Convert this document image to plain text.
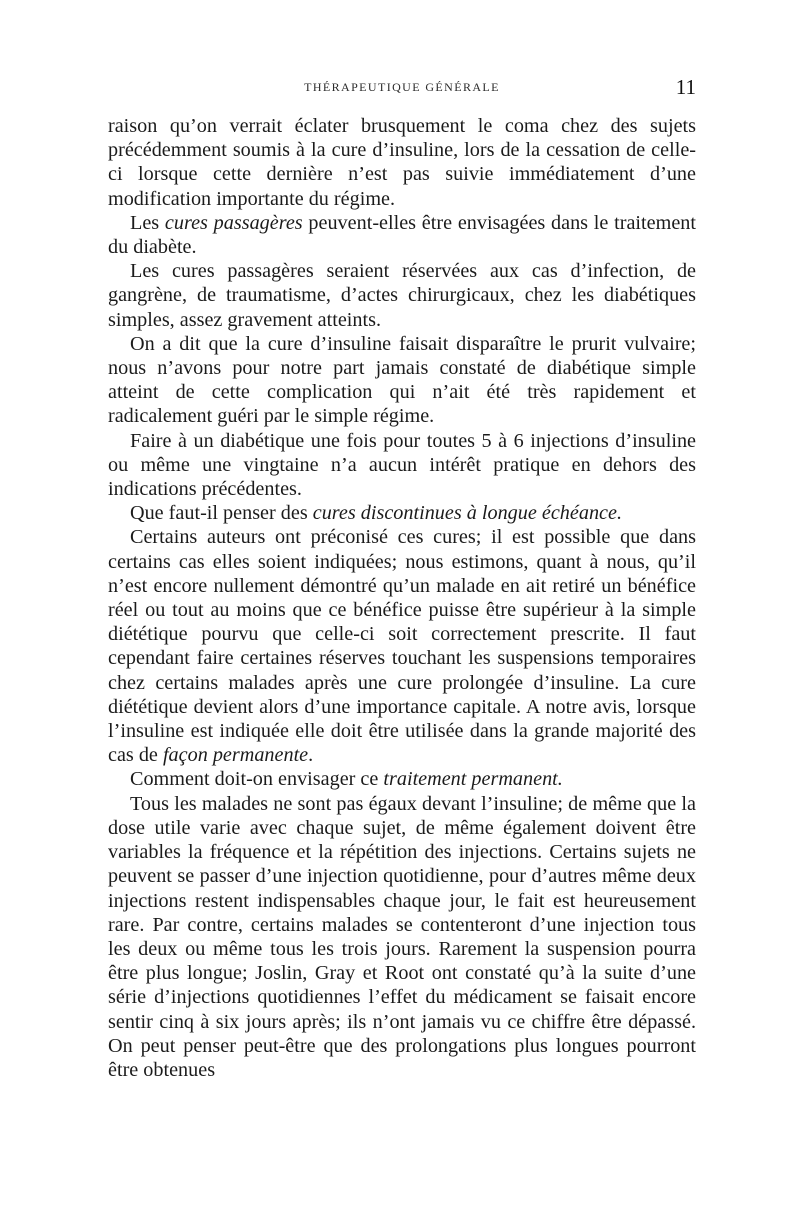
THÉRAPEUTIQUE GÉNÉRALE	11

raison qu’on verrait éclater brusquement le coma chez des sujets précédemment soumis à la cure d’insuline, lors de la cessation de celle-ci lorsque cette dernière n’est pas suivie immédiatement d’une modification importante du régime.

Les cures passagères peuvent-elles être envisagées dans le traitement du diabète.

Les cures passagères seraient réservées aux cas d’infection, de gangrène, de traumatisme, d’actes chirurgicaux, chez les diabétiques simples, assez gravement atteints.

On a dit que la cure d’insuline faisait disparaître le prurit vulvaire; nous n’avons pour notre part jamais constaté de diabétique simple atteint de cette complication qui n’ait été très rapidement et radicalement guéri par le simple régime.

Faire à un diabétique une fois pour toutes 5 à 6 injections d’insuline ou même une vingtaine n’a aucun intérêt pratique en dehors des indications précédentes.

Que faut-il penser des cures discontinues à longue échéance.

Certains auteurs ont préconisé ces cures; il est possible que dans certains cas elles soient indiquées; nous estimons, quant à nous, qu’il n’est encore nullement démontré qu’un malade en ait retiré un bénéfice réel ou tout au moins que ce bénéfice puisse être supérieur à la simple diététique pourvu que celle-ci soit correctement prescrite. Il faut cependant faire certaines réserves touchant les suspensions temporaires chez certains malades après une cure prolongée d’insuline. La cure diététique devient alors d’une importance capitale. A notre avis, lorsque l’insuline est indiquée elle doit être utilisée dans la grande majorité des cas de façon permanente.

Comment doit-on envisager ce traitement permanent.

Tous les malades ne sont pas égaux devant l’insuline; de même que la dose utile varie avec chaque sujet, de même également doivent être variables la fréquence et la répétition des injections. Certains sujets ne peuvent se passer d’une injection quotidienne, pour d’autres même deux injections restent indispensables chaque jour, le fait est heureusement rare. Par contre, certains malades se contenteront d’une injection tous les deux ou même tous les trois jours. Rarement la suspension pourra être plus longue; Joslin, Gray et Root ont constaté qu’à la suite d’une série d’injections quotidiennes l’effet du médicament se faisait encore sentir cinq à six jours après; ils n’ont jamais vu ce chiffre être dépassé. On peut penser peut-être que des prolongations plus longues pourront être obtenues
